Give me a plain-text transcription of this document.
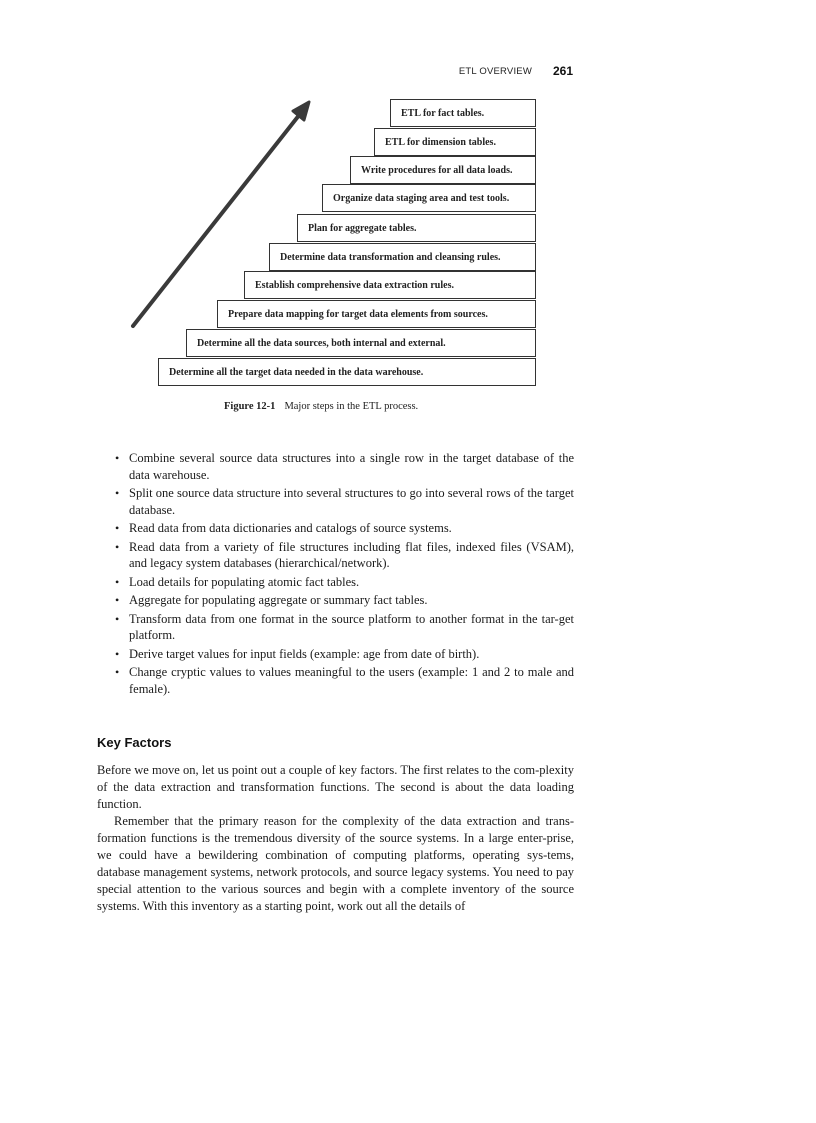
ETL OVERVIEW 261
ETL for fact tables.
ETL for dimension tables.
Write procedures for all data loads.
Organize data staging area and test tools.
Plan for aggregate tables.
Determine data transformation and cleansing rules.
Establish comprehensive data extraction rules.
Prepare data mapping for target data elements from sources.
Determine all the data sources, both internal and external.
Determine all the target data needed in the data warehouse.
Figure 12-1 Major steps in the ETL process.
• Combine several source data structures into a single row in the target database of the data warehouse.
• Split one source data structure into several structures to go into several rows of the target database.
• Read data from data dictionaries and catalogs of source systems.
• Read data from a variety of file structures including flat files, indexed files (VSAM), and legacy system databases (hierarchical/network).
• Load details for populating atomic fact tables.
• Aggregate for populating aggregate or summary fact tables.
• Transform data from one format in the source platform to another format in the tar-get platform.
• Derive target values for input fields (example: age from date of birth).
• Change cryptic values to values meaningful to the users (example: 1 and 2 to male and female).
Key Factors

Before we move on, let us point out a couple of key factors. The first relates to the com-plexity of the data extraction and transformation functions. The second is about the data loading function.

Remember that the primary reason for the complexity of the data extraction and trans-formation functions is the tremendous diversity of the source systems. In a large enter-prise, we could have a bewildering combination of computing platforms, operating sys-tems, database management systems, network protocols, and source legacy systems. You need to pay special attention to the various sources and begin with a complete inventory of the source systems. With this inventory as a starting point, work out all the details of
